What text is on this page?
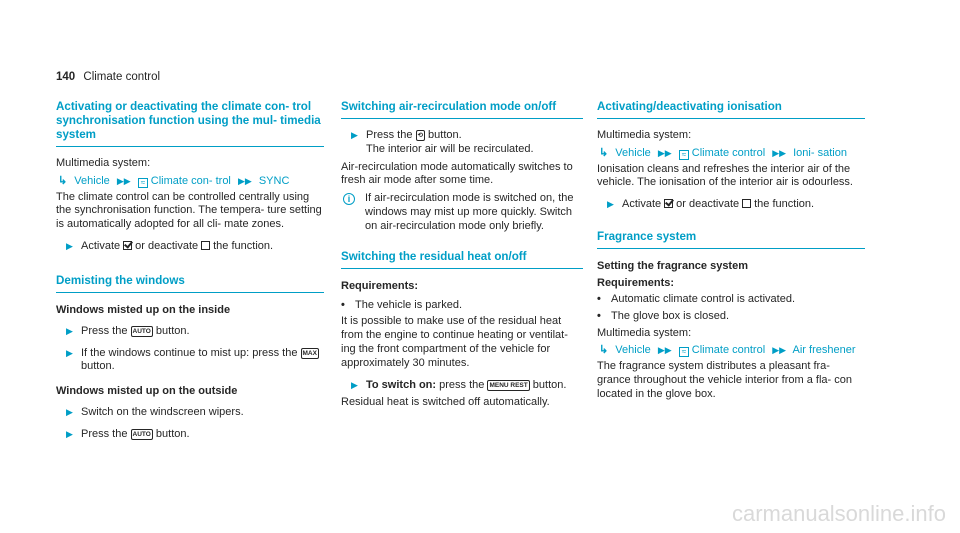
140 Climate control
Activating or deactivating the climate con- trol synchronisation function using the mul- timedia system

Multimedia system:

↳ Vehicle ▶▶ ≈ Climate con- trol ▶▶ SYNC

The climate control can be controlled centrally using the synchronisation function. The tempera- ture setting is automatically adopted for all cli- mate zones.

▶ Activate or deactivate the function.
Demisting the windows
Windows misted up on the inside
▶ Press the AUTO button.
▶ If the windows continue to mist up: press the MAX button.
Windows misted up on the outside
▶ Switch on the windscreen wipers.
▶ Press the AUTO button.
Switching air-recirculation mode on/off
▶ Press the ⟲ button.
The interior air will be recirculated.

Air-recirculation mode automatically switches to fresh air mode after some time.

i	If air-recirculation mode is switched on, the windows may mist up more quickly. Switch on air-recirculation mode only briefly.
Switching the residual heat on/off
Requirements:
• The vehicle is parked.

It is possible to make use of the residual heat from the engine to continue heating or ventilat- ing the front compartment of the vehicle for approximately 30 minutes.

▶ To switch on: press the MENU REST button.

Residual heat is switched off automatically.

Activating/deactivating ionisation

Multimedia system:

↳ Vehicle ▶▶ ≈ Climate control ▶▶ Ioni- sation

Ionisation cleans and refreshes the interior air of the vehicle. The ionisation of the interior air is odourless.

▶ Activate or deactivate the function.
Fragrance system
Setting the fragrance system
Requirements:
• Automatic climate control is activated.
• The glove box is closed.

Multimedia system:

↳ Vehicle ▶▶ ≈ Climate control ▶▶ Air freshener

The fragrance system distributes a pleasant fra- grance throughout the vehicle interior from a fla- con located in the glove box.

carmanualsonline.info
